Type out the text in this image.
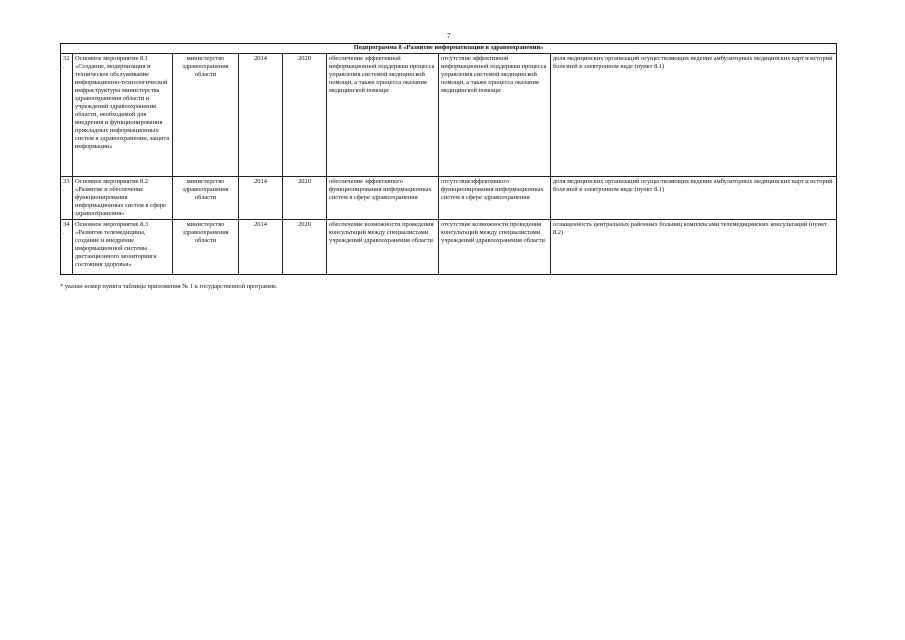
7
Подпрограмма 8 «Развитие информатизации в здравоохранении»							
32.	Основное мероприятие 8.1 «Создание, модернизация и техническое обслуживание информационно-технологической инфраструктуры министерства здравоохранения области и учреждений здравоохранения области, необходимой для внедрения и функционирования прикладных информационных систем в здравоохранении, защита информации»	министерство здравоохранения области	2014	2020	обеспечение эффективной информационной поддержки процесса управления системой медицинской помощи, а также процесса оказания медицинской помощи	отсутствие эффективной информационной поддержки процесса управления системой медицинской помощи, а также процесса оказания медицинской помощи	доля медицинских организаций осуществляющих ведение амбулаторных медицинских карт и историй болезней в электронном виде (пункт 8.1)
33.	Основное мероприятие 8.2 «Развитие и обеспечение функционирования информационных систем в сфере здравоохранения»	министерство здравоохранения области	2014	2020	обеспечение эффективного функционирования информационных систем в сфере здравоохранения	отсутствиеэффективного функционирования информационных систем в сфере здравоохранения	доля медицинских организаций осуществляющих ведение амбулаторных медицинских карт и историй болезней в электронном виде (пункт 8.1)
34.	Основное мероприятие 8.3 «Развитие телемедицины, создание и внедрение информационной системы дистанционного мониторинга состояния здоровья»	министерство здравоохранения области	2014	2020	обеспечение возможности проведения консультаций между специалистами учреждений здравоохранения области	отсутствие возможности проведения консультаций между специалистами учреждений здравоохранения области	оснащенность центральных районных больниц комплексами телемедицинских консультаций (пункт 8.2)
* указан номер пункта таблицы приложения № 1 к государственной программе.
